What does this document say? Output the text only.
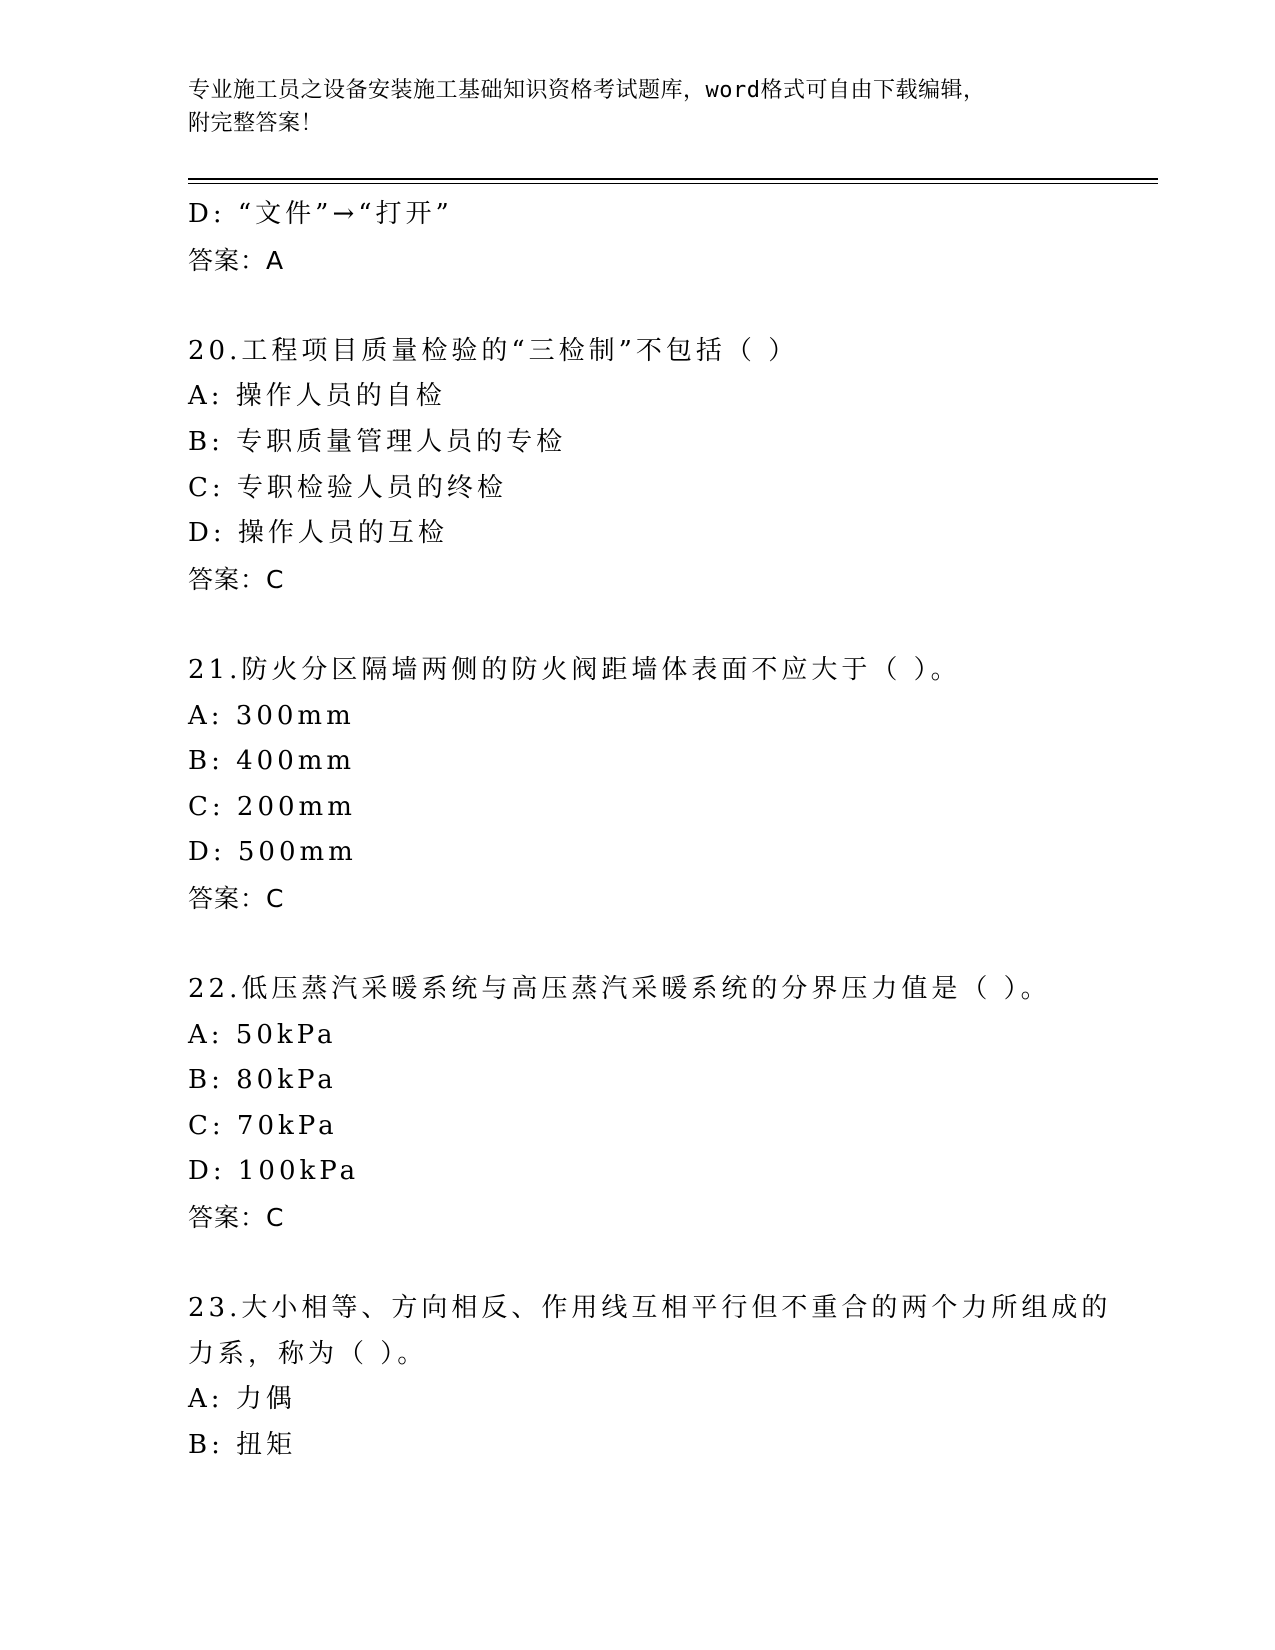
专业施工员之设备安装施工基础知识资格考试题库，word格式可自由下载编辑，
附完整答案！
D: “文件”→“打开”
答案：A
20.工程项目质量检验的“三检制”不包括（ ）
A: 操作人员的自检
B: 专职质量管理人员的专检
C: 专职检验人员的终检
D: 操作人员的互检
答案：C
21.防火分区隔墙两侧的防火阀距墙体表面不应大于（ ）。
A: 300mm
B: 400mm
C: 200mm
D: 500mm
答案：C
22.低压蒸汽采暖系统与高压蒸汽采暖系统的分界压力值是（ ）。
A: 50kPa
B: 80kPa
C: 70kPa
D: 100kPa
答案：C
23.大小相等、方向相反、作用线互相平行但不重合的两个力所组成的
力系，称为（ ）。
A: 力偶
B: 扭矩
